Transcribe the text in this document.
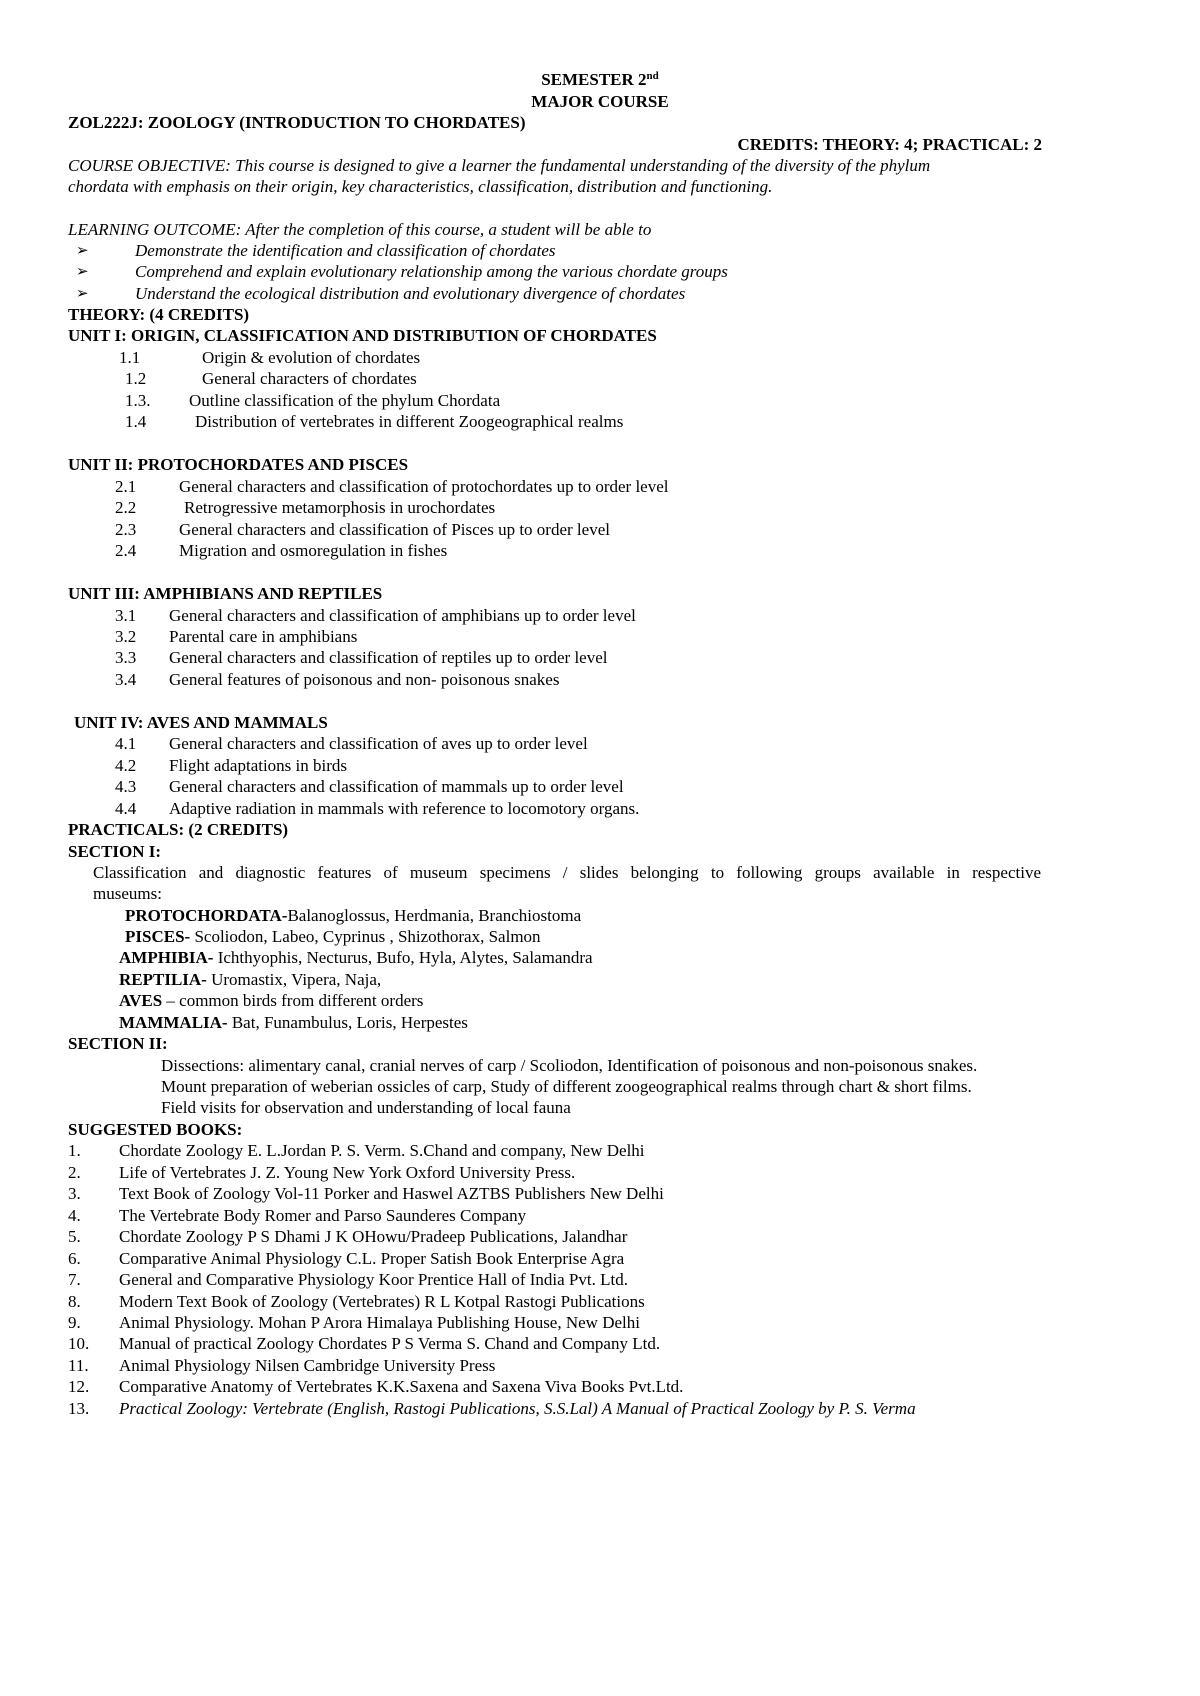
SEMESTER 2nd
MAJOR COURSE
ZOL222J: ZOOLOGY (INTRODUCTION TO CHORDATES)
CREDITS: THEORY: 4; PRACTICAL: 2
COURSE OBJECTIVE: This course is designed to give a learner the fundamental understanding of the diversity of the phylum
chordata with emphasis on their origin, key characteristics, classification, distribution and functioning.
LEARNING OUTCOME: After the completion of this course, a student will be able to
➢	Demonstrate the identification and classification of chordates
➢	Comprehend and explain evolutionary relationship among the various chordate groups
➢	Understand the ecological distribution and evolutionary divergence of chordates
THEORY: (4 CREDITS)
UNIT I: ORIGIN, CLASSIFICATION AND DISTRIBUTION OF CHORDATES
1.1	Origin & evolution of chordates
1.2	General characters of chordates
1.3. Outline classification of the phylum Chordata
1.4	Distribution of vertebrates in different Zoogeographical realms
UNIT II: PROTOCHORDATES AND PISCES
2.1	General characters and classification of protochordates up to order level
2.2	Retrogressive metamorphosis in urochordates
2.3	General characters and classification of Pisces up to order level
2.4	Migration and osmoregulation in fishes
UNIT III: AMPHIBIANS AND REPTILES
3.1 General characters and classification of amphibians up to order level
3.2 Parental care in amphibians
3.3 General characters and classification of reptiles up to order level
3.4 General features of poisonous and non- poisonous snakes
UNIT IV: AVES AND MAMMALS
4.1 General characters and classification of aves up to order level
4.2 Flight adaptations in birds
4.3 General characters and classification of mammals up to order level
4.4 Adaptive radiation in mammals with reference to locomotory organs.
PRACTICALS: (2 CREDITS)
SECTION I:
Classification and diagnostic features of museum specimens / slides belonging to following groups available in respective
museums:
PROTOCHORDATA-Balanoglossus, Herdmania, Branchiostoma
PISCES- Scoliodon, Labeo, Cyprinus , Shizothorax, Salmon
AMPHIBIA- Ichthyophis, Necturus, Bufo, Hyla, Alytes, Salamandra
REPTILIA- Uromastix, Vipera, Naja,
AVES – common birds from different orders
MAMMALIA- Bat, Funambulus, Loris, Herpestes
SECTION II:
Dissections: alimentary canal, cranial nerves of carp / Scoliodon, Identification of poisonous and non-poisonous snakes.
Mount preparation of weberian ossicles of carp, Study of different zoogeographical realms through chart & short films.
Field visits for observation and understanding of local fauna
SUGGESTED BOOKS:
1. Chordate Zoology E. L.Jordan P. S. Verm. S.Chand and company, New Delhi
2. Life of Vertebrates J. Z. Young New York Oxford University Press.
3. Text Book of Zoology Vol-11 Porker and Haswel AZTBS Publishers New Delhi
4. The Vertebrate Body Romer and Parso Saunderes Company
5. Chordate Zoology P S Dhami J K OHowu/Pradeep Publications, Jalandhar
6. Comparative Animal Physiology C.L. Proper Satish Book Enterprise Agra
7. General and Comparative Physiology Koor Prentice Hall of India Pvt. Ltd.
8. Modern Text Book of Zoology (Vertebrates) R L Kotpal Rastogi Publications
9. Animal Physiology. Mohan P Arora Himalaya Publishing House, New Delhi
10. Manual of practical Zoology Chordates P S Verma S. Chand and Company Ltd.
11. Animal Physiology Nilsen Cambridge University Press
12. Comparative Anatomy of Vertebrates K.K.Saxena and Saxena Viva Books Pvt.Ltd.
13. Practical Zoology: Vertebrate (English, Rastogi Publications, S.S.Lal) A Manual of Practical Zoology by P. S. Verma
